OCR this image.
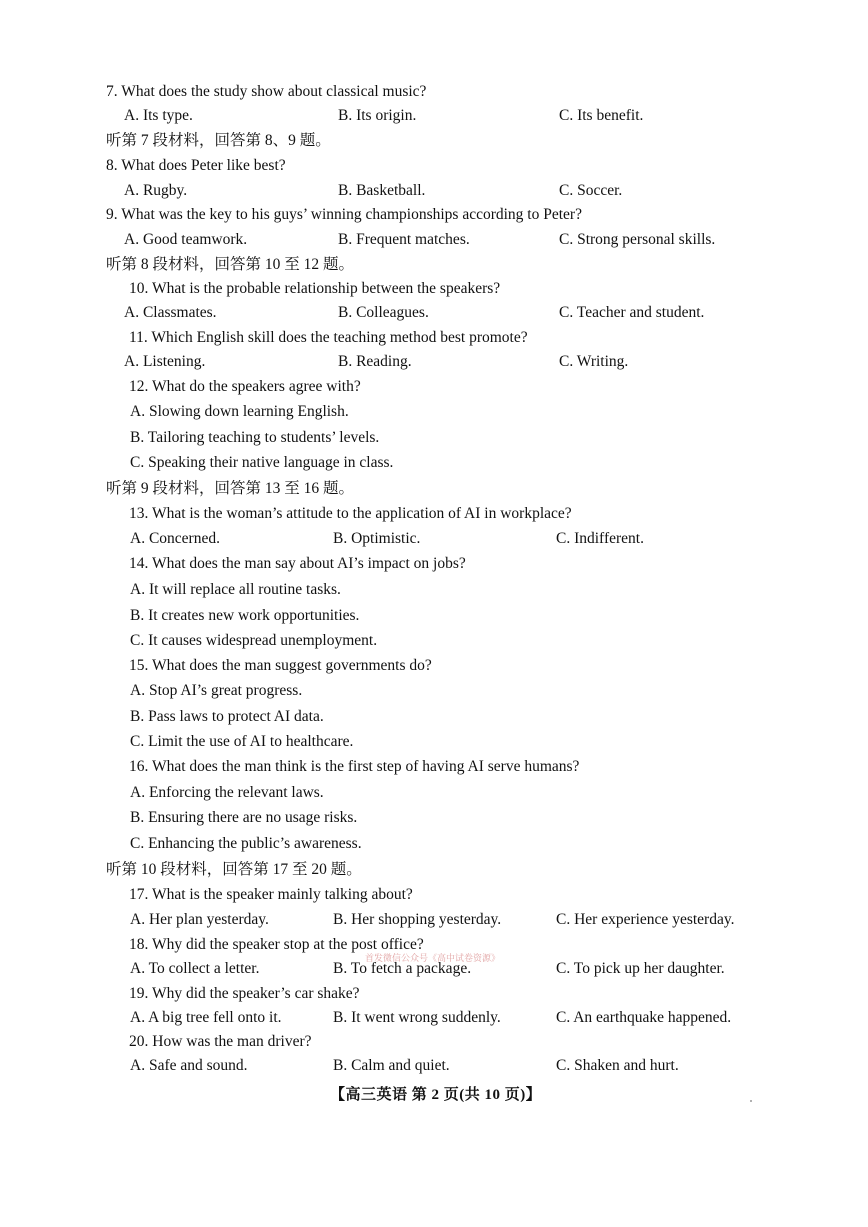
首发微信公众号《高中试卷资源》
【高三英语 第 2 页(共 10 页)】
7. What does the study show about classical music?
A. Its type.	B. Its origin.	C. Its benefit.
听第 7 段材料，回答第 8、9 题。
8. What does Peter like best?
A. Rugby.	B. Basketball.	C. Soccer.
9. What was the key to his guys’ winning championships according to Peter?
A. Good teamwork.	B. Frequent matches.	C. Strong personal skills.
听第 8 段材料，回答第 10 至 12 题。
10. What is the probable relationship between the speakers?
A. Classmates.	B. Colleagues.	C. Teacher and student.
11. Which English skill does the teaching method best promote?
A. Listening.	B. Reading.	C. Writing.
12. What do the speakers agree with?
A. Slowing down learning English.
B. Tailoring teaching to students’ levels.
C. Speaking their native language in class.
听第 9 段材料，回答第 13 至 16 题。
13. What is the woman’s attitude to the application of AI in workplace?
A. Concerned.	B. Optimistic.	C. Indifferent.
14. What does the man say about AI’s impact on jobs?
A. It will replace all routine tasks.
B. It creates new work opportunities.
C. It causes widespread unemployment.
15. What does the man suggest governments do?
A. Stop AI’s great progress.
B. Pass laws to protect AI data.
C. Limit the use of AI to healthcare.
16. What does the man think is the first step of having AI serve humans?
A. Enforcing the relevant laws.
B. Ensuring there are no usage risks.
C. Enhancing the public’s awareness.
听第 10 段材料，回答第 17 至 20 题。
17. What is the speaker mainly talking about?
A. Her plan yesterday.	B. Her shopping yesterday.	C. Her experience yesterday.
18. Why did the speaker stop at the post office?
A. To collect a letter.	B. To fetch a package.	C. To pick up her daughter.
19. Why did the speaker’s car shake?
A. A big tree fell onto it.	B. It went wrong suddenly.	C. An earthquake happened.
20. How was the man driver?
A. Safe and sound.	B. Calm and quiet.	C. Shaken and hurt.
